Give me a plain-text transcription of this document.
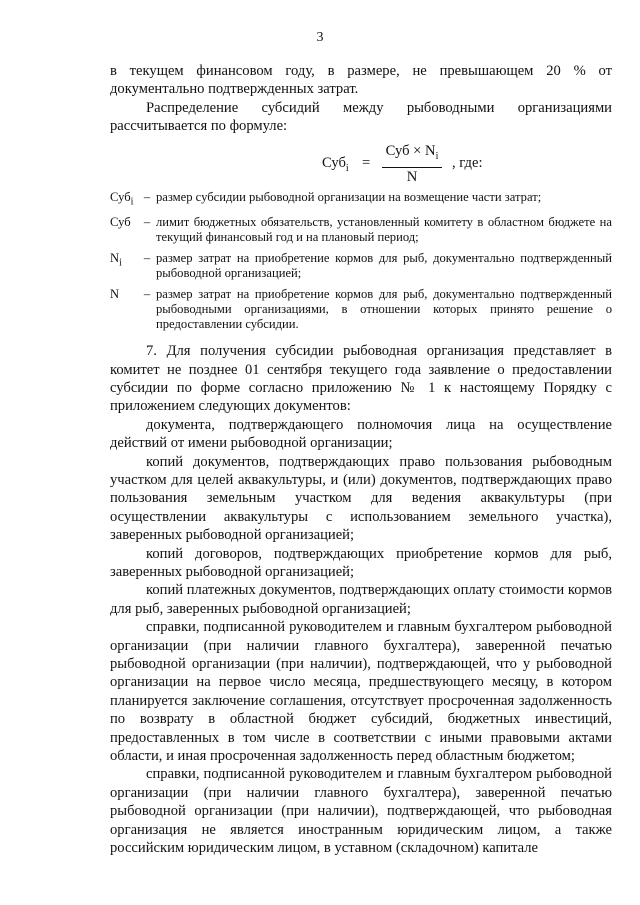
3

в текущем финансовом году, в размере, не превышающем 20 % от документально подтвержденных затрат.

Распределение субсидий между рыбоводными организациями рассчитывается по формуле:

Суб$_i$ =
Суб × $N_i$
N
, где:
Суб$_i$ – размер субсидии рыбоводной организации на возмещение части затрат;
Суб	– лимит бюджетных обязательств, установленный комитету в областном бюджете на текущий финансовый год и на плановый период;
$N_i$	– размер затрат на приобретение кормов для рыб, документально подтвержденный рыбоводной организацией;
N	– размер затрат на приобретение кормов для рыб, документально подтвержденный рыбоводными организациями, в отношении которых принято решение о предоставлении субсидии.

7. Для получения субсидии рыбоводная организация представляет в комитет не позднее 01 сентября текущего года заявление о предоставлении субсидии по форме согласно приложению № 1 к настоящему Порядку с приложением следующих документов:

документа, подтверждающего полномочия лица на осуществление действий от имени рыбоводной организации;

копий документов, подтверждающих право пользования рыбоводным участком для целей аквакультуры, и (или) документов, подтверждающих право пользования земельным участком для ведения аквакультуры (при осуществлении аквакультуры с использованием земельного участка), заверенных рыбоводной организацией;

копий договоров, подтверждающих приобретение кормов для рыб, заверенных рыбоводной организацией;

копий платежных документов, подтверждающих оплату стоимости кормов для рыб, заверенных рыбоводной организацией;

справки, подписанной руководителем и главным бухгалтером рыбоводной организации (при наличии главного бухгалтера), заверенной печатью рыбоводной организации (при наличии), подтверждающей, что у рыбоводной организации на первое число месяца, предшествующего месяцу, в котором планируется заключение соглашения, отсутствует просроченная задолженность по возврату в областной бюджет субсидий, бюджетных инвестиций, предоставленных в том числе в соответствии с иными правовыми актами области, и иная просроченная задолженность перед областным бюджетом;

справки, подписанной руководителем и главным бухгалтером рыбоводной организации (при наличии главного бухгалтера), заверенной печатью рыбоводной организации (при наличии), подтверждающей, что рыбоводная организация не является иностранным юридическим лицом, а также российским юридическим лицом, в уставном (складочном) капитале
